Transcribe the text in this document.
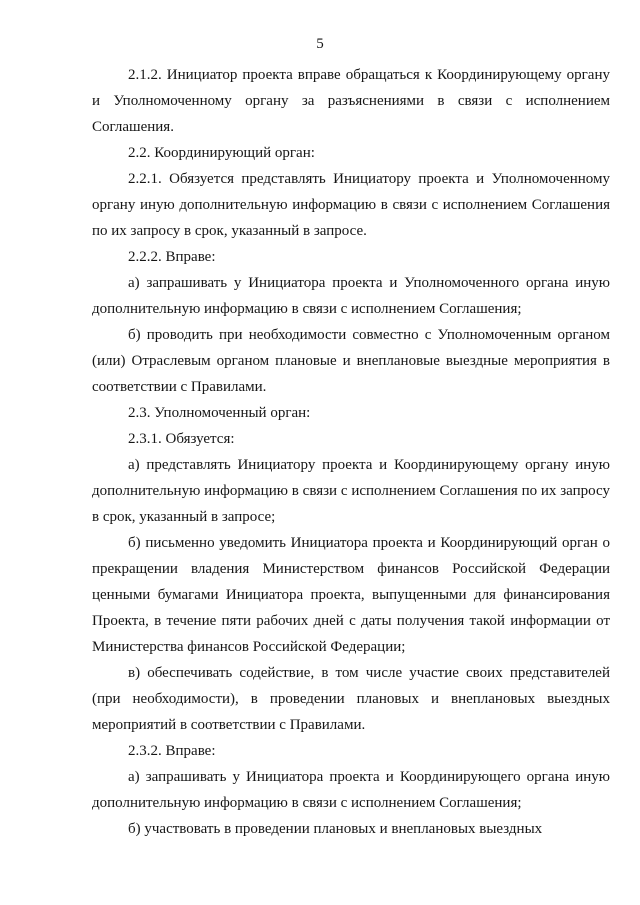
5

2.1.2. Инициатор проекта вправе обращаться к Координирующему органу и Уполномоченному органу за разъяснениями в связи с исполнением Соглашения.

2.2. Координирующий орган:

2.2.1. Обязуется представлять Инициатору проекта и Уполномоченному органу иную дополнительную информацию в связи с исполнением Соглашения по их запросу в срок, указанный в запросе.

2.2.2. Вправе:

а) запрашивать у Инициатора проекта и Уполномоченного органа иную дополнительную информацию в связи с исполнением Соглашения;

б) проводить при необходимости совместно с Уполномоченным органом (или) Отраслевым органом плановые и внеплановые выездные мероприятия в соответствии с Правилами.

2.3. Уполномоченный орган:

2.3.1. Обязуется:

а) представлять Инициатору проекта и Координирующему органу иную дополнительную информацию в связи с исполнением Соглашения по их запросу в срок, указанный в запросе;

б) письменно уведомить Инициатора проекта и Координирующий орган о прекращении владения Министерством финансов Российской Федерации ценными бумагами Инициатора проекта, выпущенными для финансирования Проекта, в течение пяти рабочих дней с даты получения такой информации от Министерства финансов Российской Федерации;

в) обеспечивать содействие, в том числе участие своих представителей (при необходимости), в проведении плановых и внеплановых выездных мероприятий в соответствии с Правилами.

2.3.2. Вправе:

а) запрашивать у Инициатора проекта и Координирующего органа иную дополнительную информацию в связи с исполнением Соглашения;

б) участвовать в проведении плановых и внеплановых выездных
